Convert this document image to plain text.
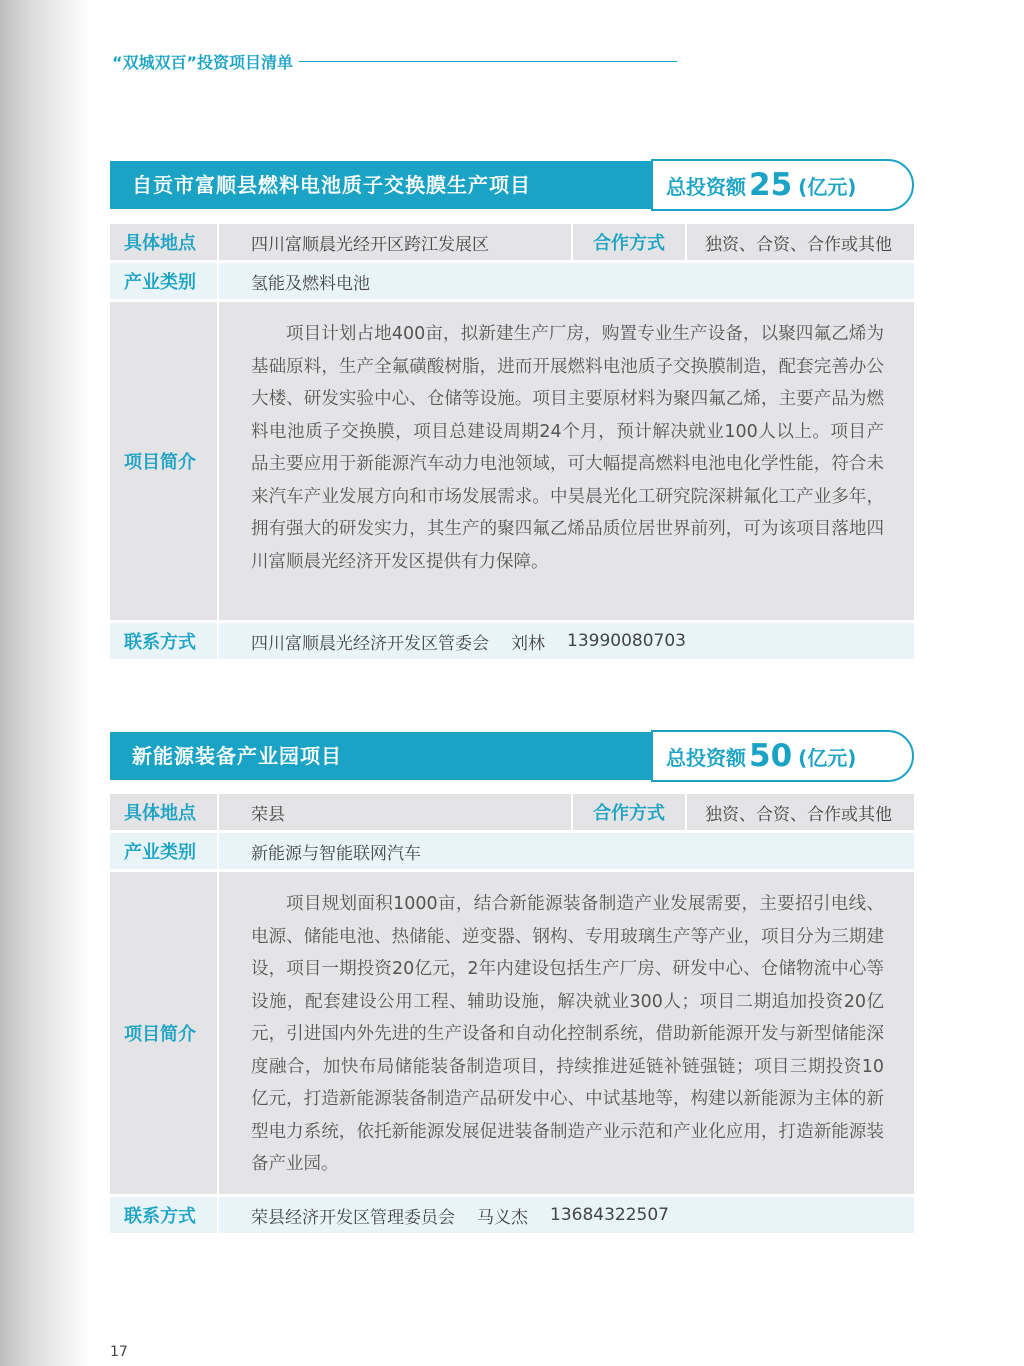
“双城双百”投资项目清单
自贡市富顺县燃料电池质子交换膜生产项目	总投资额 25 (亿元)
具体地点	四川富顺晨光经开区跨江发展区	合作方式	独资、合资、合作或其他
产业类别	氢能及燃料电池
项目简介

项目计划占地400亩，拟新建生产厂房，购置专业生产设备，以聚四氟乙烯为基础原料，生产全氟磺酸树脂，进而开展燃料电池质子交换膜制造，配套完善办公大楼、研发实验中心、仓储等设施。项目主要原材料为聚四氟乙烯，主要产品为燃料电池质子交换膜，项目总建设周期24个月，预计解决就业100人以上。项目产品主要应用于新能源汽车动力电池领域，可大幅提高燃料电池电化学性能，符合未来汽车产业发展方向和市场发展需求。中昊晨光化工研究院深耕氟化工产业多年，拥有强大的研发实力，其生产的聚四氟乙烯品质位居世界前列，可为该项目落地四川富顺晨光经济开发区提供有力保障。

联系方式	四川富顺晨光经济开发区管委会 刘林 13990080703
新能源装备产业园项目	总投资额 50 (亿元)
具体地点	荣县	合作方式	独资、合资、合作或其他
产业类别	新能源与智能联网汽车
项目简介

项目规划面积1000亩，结合新能源装备制造产业发展需要，主要招引电线、电源、储能电池、热储能、逆变器、钢构、专用玻璃生产等产业，项目分为三期建设，项目一期投资20亿元，2年内建设包括生产厂房、研发中心、仓储物流中心等设施，配套建设公用工程、辅助设施，解决就业300人；项目二期追加投资20亿元，引进国内外先进的生产设备和自动化控制系统，借助新能源开发与新型储能深度融合，加快布局储能装备制造项目，持续推进延链补链强链；项目三期投资10亿元，打造新能源装备制造产品研发中心、中试基地等，构建以新能源为主体的新型电力系统，依托新能源发展促进装备制造产业示范和产业化应用，打造新能源装备产业园。

联系方式	荣县经济开发区管理委员会 马义杰 13684322507
17
